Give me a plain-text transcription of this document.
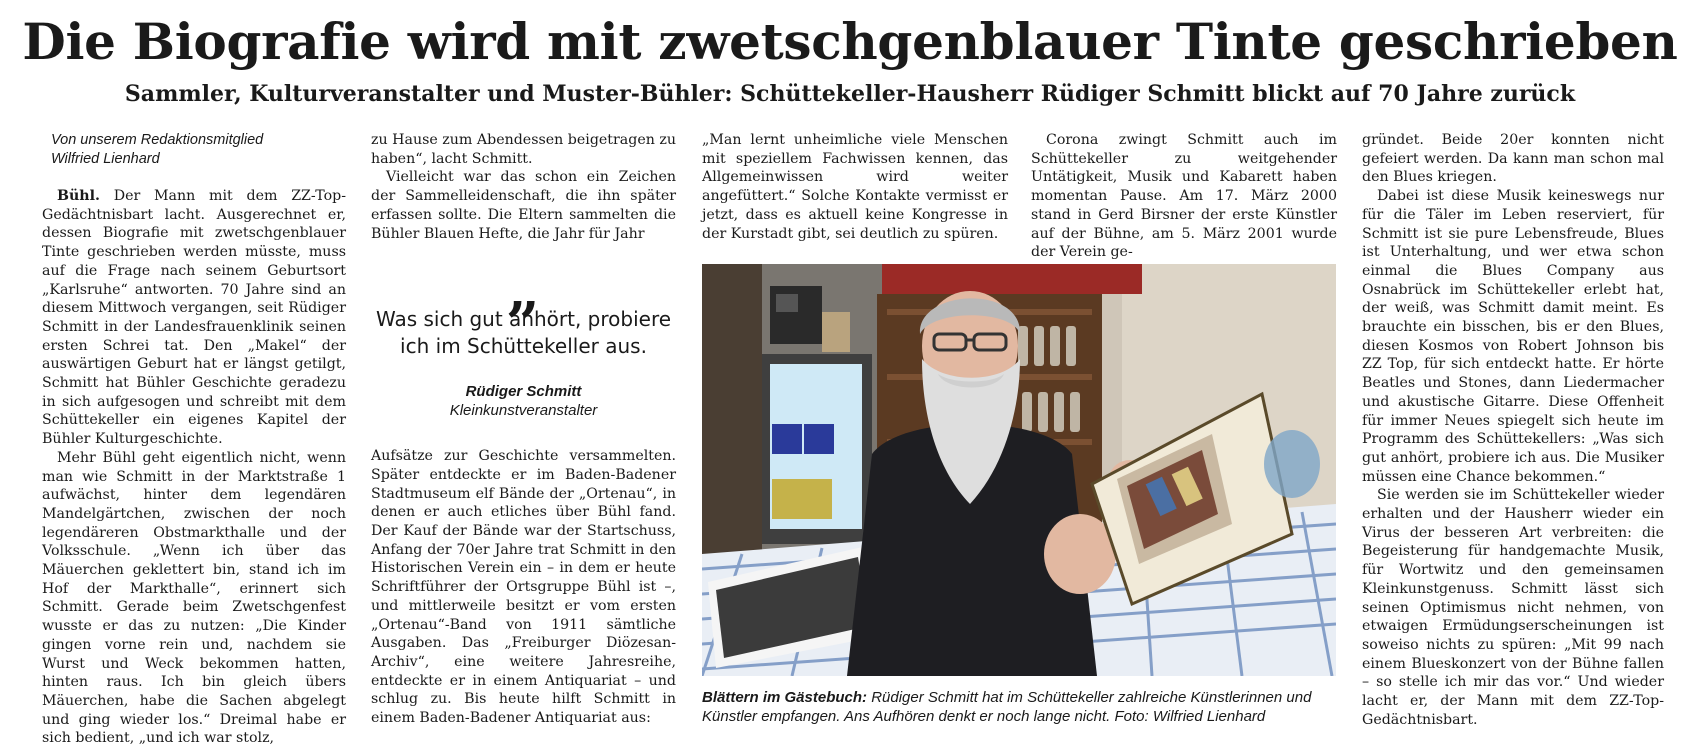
Die Biografie wird mit zwetschgenblauer Tinte geschrieben
Sammler, Kulturveranstalter und Muster-Bühler: Schüttekeller-Hausherr Rüdiger Schmitt blickt auf 70 Jahre zurück
Von unserem Redaktionsmitglied
Wilfried Lienhard

Bühl. Der Mann mit dem ZZ-Top-Gedächtnisbart lacht. Ausgerechnet er, dessen Biografie mit zwetschgenblauer Tinte geschrieben werden müsste, muss auf die Frage nach seinem Geburtsort „Karlsruhe“ antworten. 70 Jahre sind an diesem Mittwoch vergangen, seit Rüdiger Schmitt in der Landesfrauenklinik seinen ersten Schrei tat. Den „Makel“ der auswärtigen Geburt hat er längst getilgt, Schmitt hat Bühler Geschichte geradezu in sich aufgesogen und schreibt mit dem Schüttekeller ein eigenes Kapitel der Bühler Kulturgeschichte.

Mehr Bühl geht eigentlich nicht, wenn man wie Schmitt in der Marktstraße 1 aufwächst, hinter dem legendären Mandelgärtchen, zwischen der noch legendäreren Obstmarkthalle und der Volksschule. „Wenn ich über das Mäuerchen geklettert bin, stand ich im Hof der Markthalle“, erinnert sich Schmitt. Gerade beim Zwetschgenfest wusste er das zu nutzen: „Die Kinder gingen vorne rein und, nachdem sie Wurst und Weck bekommen hatten, hinten raus. Ich bin gleich übers Mäuerchen, habe die Sachen abgelegt und ging wieder los.“ Dreimal habe er sich bedient, „und ich war stolz,

zu Hause zum Abendessen beigetragen zu haben“, lacht Schmitt.

Vielleicht war das schon ein Zeichen der Sammelleidenschaft, die ihn später erfassen sollte. Die Eltern sammelten die Bühler Blauen Hefte, die Jahr für Jahr

„
Was sich gut anhört, probiere ich im Schüttekeller aus.
Rüdiger Schmitt
Kleinkunstveranstalter

Aufsätze zur Geschichte versammelten. Später entdeckte er im Baden-Badener Stadtmuseum elf Bände der „Ortenau“, in denen er auch etliches über Bühl fand. Der Kauf der Bände war der Startschuss, Anfang der 70er Jahre trat Schmitt in den Historischen Verein ein – in dem er heute Schriftführer der Ortsgruppe Bühl ist –, und mittlerweile besitzt er vom ersten „Ortenau“-Band von 1911 sämtliche Ausgaben. Das „Freiburger Diözesan-Archiv“, eine weitere Jahresreihe, entdeckte er in einem Antiquariat – und schlug zu. Bis heute hilft Schmitt in einem Baden-Badener Antiquariat aus:

„Man lernt unheimliche viele Menschen mit speziellem Fachwissen kennen, das Allgemeinwissen wird weiter angefüttert.“ Solche Kontakte vermisst er jetzt, dass es aktuell keine Kongresse in der Kurstadt gibt, sei deutlich zu spüren.

Corona zwingt Schmitt auch im Schüttekeller zu weitgehender Untätigkeit, Musik und Kabarett haben momentan Pause. Am 17. März 2000 stand in Gerd Birsner der erste Künstler auf der Bühne, am 5. März 2001 wurde der Verein ge-

gründet. Beide 20er konnten nicht gefeiert werden. Da kann man schon mal den Blues kriegen.

Dabei ist diese Musik keineswegs nur für die Täler im Leben reserviert, für Schmitt ist sie pure Lebensfreude, Blues ist Unterhaltung, und wer etwa schon einmal die Blues Company aus Osnabrück im Schüttekeller erlebt hat, der weiß, was Schmitt damit meint. Es brauchte ein bisschen, bis er den Blues, diesen Kosmos von Robert Johnson bis ZZ Top, für sich entdeckt hatte. Er hörte Beatles und Stones, dann Liedermacher und akustische Gitarre. Diese Offenheit für immer Neues spiegelt sich heute im Programm des Schüttekellers: „Was sich gut anhört, probiere ich aus. Die Musiker müssen eine Chance bekommen.“

Sie werden sie im Schüttekeller wieder erhalten und der Hausherr wieder ein Virus der besseren Art verbreiten: die Begeisterung für handgemachte Musik, für Wortwitz und den gemeinsamen Kleinkunstgenuss. Schmitt lässt sich seinen Optimismus nicht nehmen, von etwaigen Ermüdungserscheinungen ist soweiso nichts zu spüren: „Mit 99 nach einem Blueskonzert von der Bühne fallen – so stelle ich mir das vor.“ Und wieder lacht er, der Mann mit dem ZZ-Top-Gedächtnisbart.

Blättern im Gästebuch: Rüdiger Schmitt hat im Schüttekeller zahlreiche Künstlerinnen und Künstler empfangen. Ans Aufhören denkt er noch lange nicht. Foto: Wilfried Lienhard
